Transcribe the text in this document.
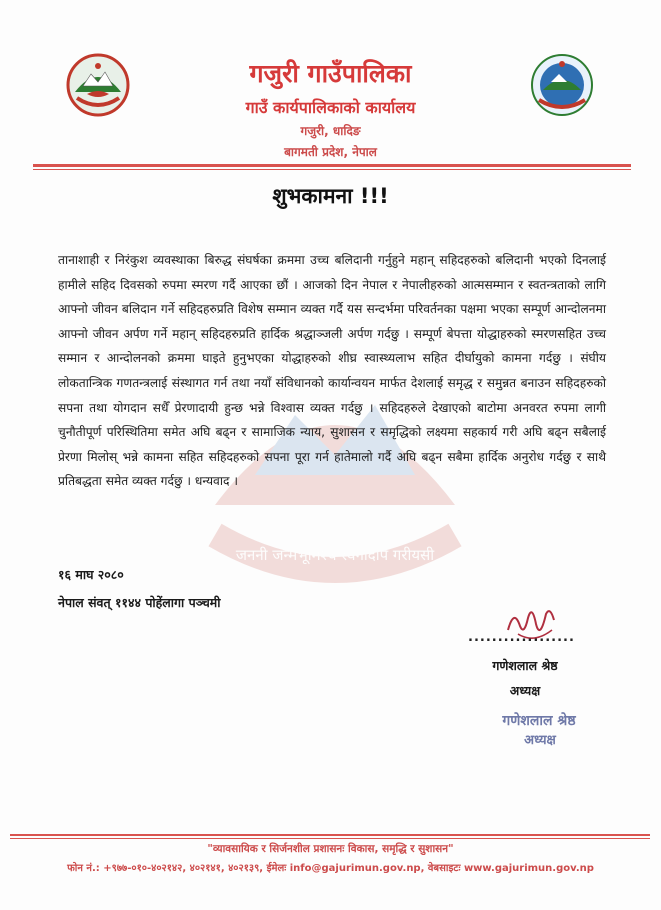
गजुरी गाउँपालिका
गाउँ कार्यपालिकाको कार्यालय
गजुरी, धादिङ
बागमती प्रदेश, नेपाल
शुभकामना !!!
जननी जन्मभूमिश्च स्वर्गादपि गरीयसी
तानाशाही र निरंकुश व्यवस्थाका बिरुद्ध संघर्षका क्रममा उच्च बलिदानी गर्नुहुने महान् सहिदहरुको बलिदानी भएको दिनलाई हामीले सहिद दिवसको रुपमा स्मरण गर्दै आएका छौं । आजको दिन नेपाल र नेपालीहरुको आत्मसम्मान र स्वतन्त्रताको लागि आफ्नो जीवन बलिदान गर्ने सहिदहरुप्रति विशेष सम्मान व्यक्त गर्दै यस सन्दर्भमा परिवर्तनका पक्षमा भएका सम्पूर्ण आन्दोलनमा आफ्नो जीवन अर्पण गर्ने महान् सहिदहरुप्रति हार्दिक श्रद्धाञ्जली अर्पण गर्दछु । सम्पूर्ण बेपत्ता योद्धाहरुको स्मरणसहित उच्च सम्मान र आन्दोलनको क्रममा घाइते हुनुभएका योद्धाहरुको शीघ्र स्वास्थ्यलाभ सहित दीर्घायुको कामना गर्दछु । संघीय लोकतान्त्रिक गणतन्त्रलाई संस्थागत गर्न तथा नयाँ संविधानको कार्यान्वयन मार्फत देशलाई समृद्ध र समुन्नत बनाउन सहिदहरुको सपना तथा योगदान सधैँ प्रेरणादायी हुन्छ भन्ने विश्वास व्यक्त गर्दछु । सहिदहरुले देखाएको बाटोमा अनवरत रुपमा लागी चुनौतीपूर्ण परिस्थितिमा समेत अघि बढ्न र सामाजिक न्याय, सुशासन र समृद्धिको लक्ष्यमा सहकार्य गरी अघि बढ्न सबैलाई प्रेरणा मिलोस् भन्ने कामना सहित सहिदहरुको सपना पूरा गर्न हातेमालो गर्दै अघि बढ्न सबैमा हार्दिक अनुरोध गर्दछु र साथै प्रतिबद्धता समेत व्यक्त गर्दछु । धन्यवाद ।
१६ माघ २०८०
नेपाल संवत् ११४४ पोहेंलागा पञ्चमी
..................
गणेशलाल श्रेष्ठ
अध्यक्ष
गणेशलाल श्रेष्ठ
अध्यक्ष
"व्यावसायिक र सिर्जनशील प्रशासनः विकास, समृद्धि र सुशासन"
फोन नं.: +९७७-०१०-४०२१४२, ४०२१४१, ४०२१३९, ईमेलः info@gajurimun.gov.np, वेबसाइटः www.gajurimun.gov.np
